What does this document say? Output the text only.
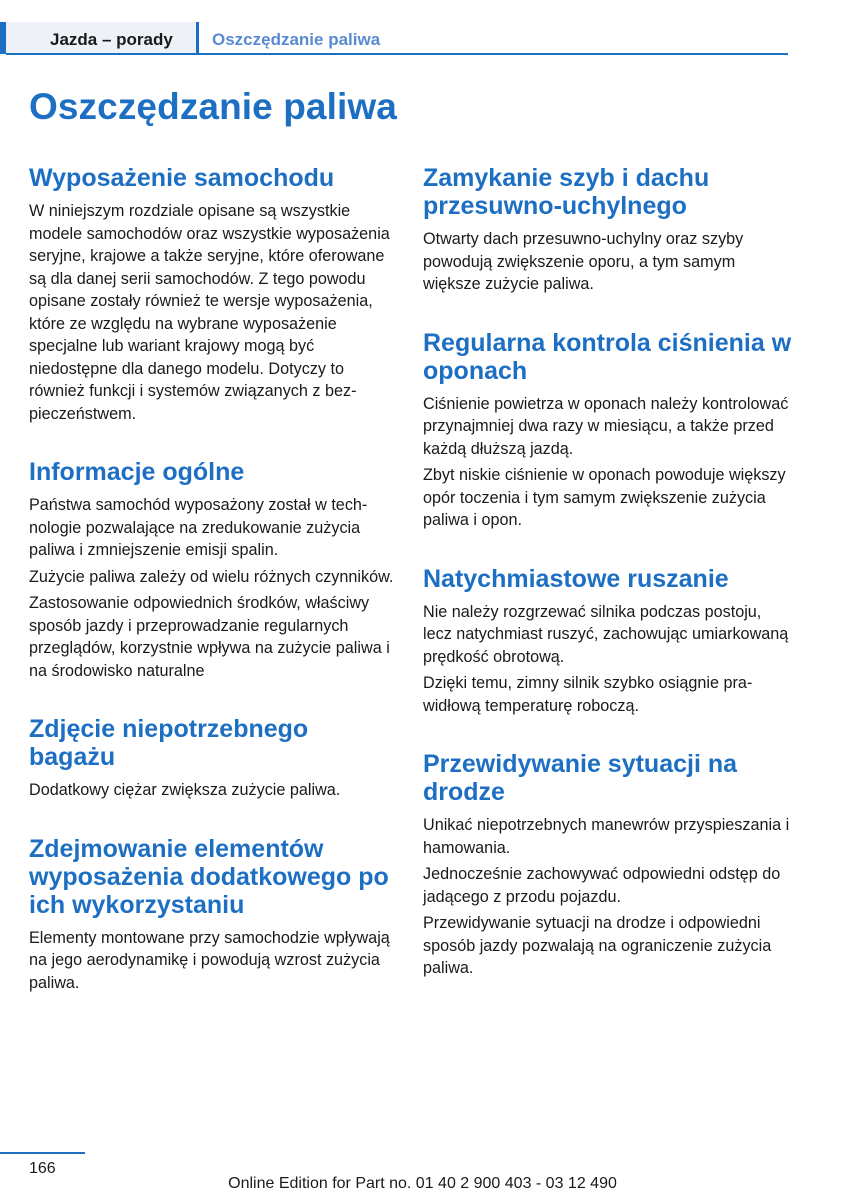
Jazda – porady Oszczędzanie paliwa
Oszczędzanie paliwa
Wyposażenie samochodu

W niniejszym rozdziale opisane są wszystkie modele samochodów oraz wszystkie wyposażenia seryjne, krajowe a także seryjne, które oferowane są dla danej serii samochodów. Z tego powodu opisane zostały również te wersje wyposażenia, które ze względu na wybrane wyposażenie specjalne lub wariant krajowy mogą być niedostępne dla danego modelu. Dotyczy to również funkcji i systemów związanych z bezpieczeństwem.

Informacje ogólne

Państwa samochód wyposażony został w technologie pozwalające na zredukowanie zużycia paliwa i zmniejszenie emisji spalin.

Zużycie paliwa zależy od wielu różnych czynników.

Zastosowanie odpowiednich środków, właściwy sposób jazdy i przeprowadzanie regularnych przeglądów, korzystnie wpływa na zużycie paliwa i na środowisko naturalne

Zdjęcie niepotrzebnego bagażu

Dodatkowy ciężar zwiększa zużycie paliwa.

Zdejmowanie elementów wyposażenia dodatkowego po ich wykorzystaniu

Elementy montowane przy samochodzie wpływają na jego aerodynamikę i powodują wzrost zużycia paliwa.

Zamykanie szyb i dachu przesuwno-uchylnego

Otwarty dach przesuwno-uchylny oraz szyby powodują zwiększenie oporu, a tym samym większe zużycie paliwa.

Regularna kontrola ciśnienia w oponach

Ciśnienie powietrza w oponach należy kontrolować przynajmniej dwa razy w miesiącu, a także przed każdą dłuższą jazdą.

Zbyt niskie ciśnienie w oponach powoduje większy opór toczenia i tym samym zwiększenie zużycia paliwa i opon.

Natychmiastowe ruszanie

Nie należy rozgrzewać silnika podczas postoju, lecz natychmiast ruszyć, zachowując umiarkowaną prędkość obrotową.

Dzięki temu, zimny silnik szybko osiągnie prawidłową temperaturę roboczą.

Przewidywanie sytuacji na drodze

Unikać niepotrzebnych manewrów przyspieszania i hamowania.

Jednocześnie zachowywać odpowiedni odstęp do jadącego z przodu pojazdu.

Przewidywanie sytuacji na drodze i odpowiedni sposób jazdy pozwalają na ograniczenie zużycia paliwa.

166
Online Edition for Part no. 01 40 2 900 403 - 03 12 490
